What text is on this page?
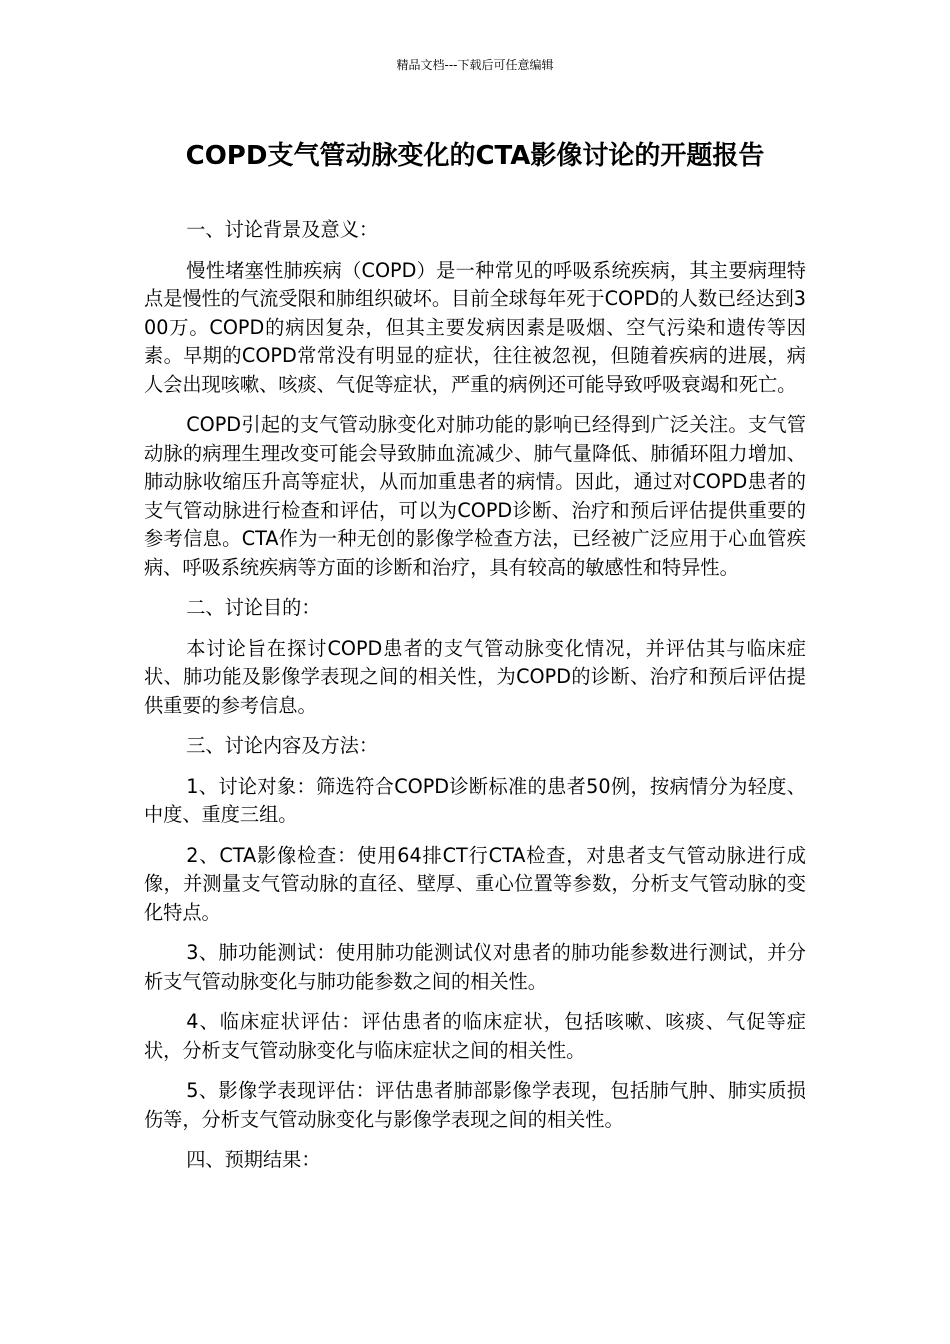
精品文档---下载后可任意编辑
COPD支气管动脉变化的CTA影像讨论的开题报告

一、讨论背景及意义：

慢性堵塞性肺疾病（COPD）是一种常见的呼吸系统疾病，其主要病理特点是慢性的气流受限和肺组织破坏。目前全球每年死于COPD的人数已经达到300万。COPD的病因复杂，但其主要发病因素是吸烟、空气污染和遗传等因素。早期的COPD常常没有明显的症状，往往被忽视，但随着疾病的进展，病人会出现咳嗽、咳痰、气促等症状，严重的病例还可能导致呼吸衰竭和死亡。

COPD引起的支气管动脉变化对肺功能的影响已经得到广泛关注。支气管动脉的病理生理改变可能会导致肺血流减少、肺气量降低、肺循环阻力增加、肺动脉收缩压升高等症状，从而加重患者的病情。因此，通过对COPD患者的支气管动脉进行检查和评估，可以为COPD诊断、治疗和预后评估提供重要的参考信息。CTA作为一种无创的影像学检查方法，已经被广泛应用于心血管疾病、呼吸系统疾病等方面的诊断和治疗，具有较高的敏感性和特异性。

二、讨论目的：

本讨论旨在探讨COPD患者的支气管动脉变化情况，并评估其与临床症状、肺功能及影像学表现之间的相关性，为COPD的诊断、治疗和预后评估提供重要的参考信息。

三、讨论内容及方法：

1、讨论对象：筛选符合COPD诊断标准的患者50例，按病情分为轻度、中度、重度三组。

2、CTA影像检查：使用64排CT行CTA检查，对患者支气管动脉进行成像，并测量支气管动脉的直径、壁厚、重心位置等参数，分析支气管动脉的变化特点。

3、肺功能测试：使用肺功能测试仪对患者的肺功能参数进行测试，并分析支气管动脉变化与肺功能参数之间的相关性。

4、临床症状评估：评估患者的临床症状，包括咳嗽、咳痰、气促等症状，分析支气管动脉变化与临床症状之间的相关性。

5、影像学表现评估：评估患者肺部影像学表现，包括肺气肿、肺实质损伤等，分析支气管动脉变化与影像学表现之间的相关性。

四、预期结果：
